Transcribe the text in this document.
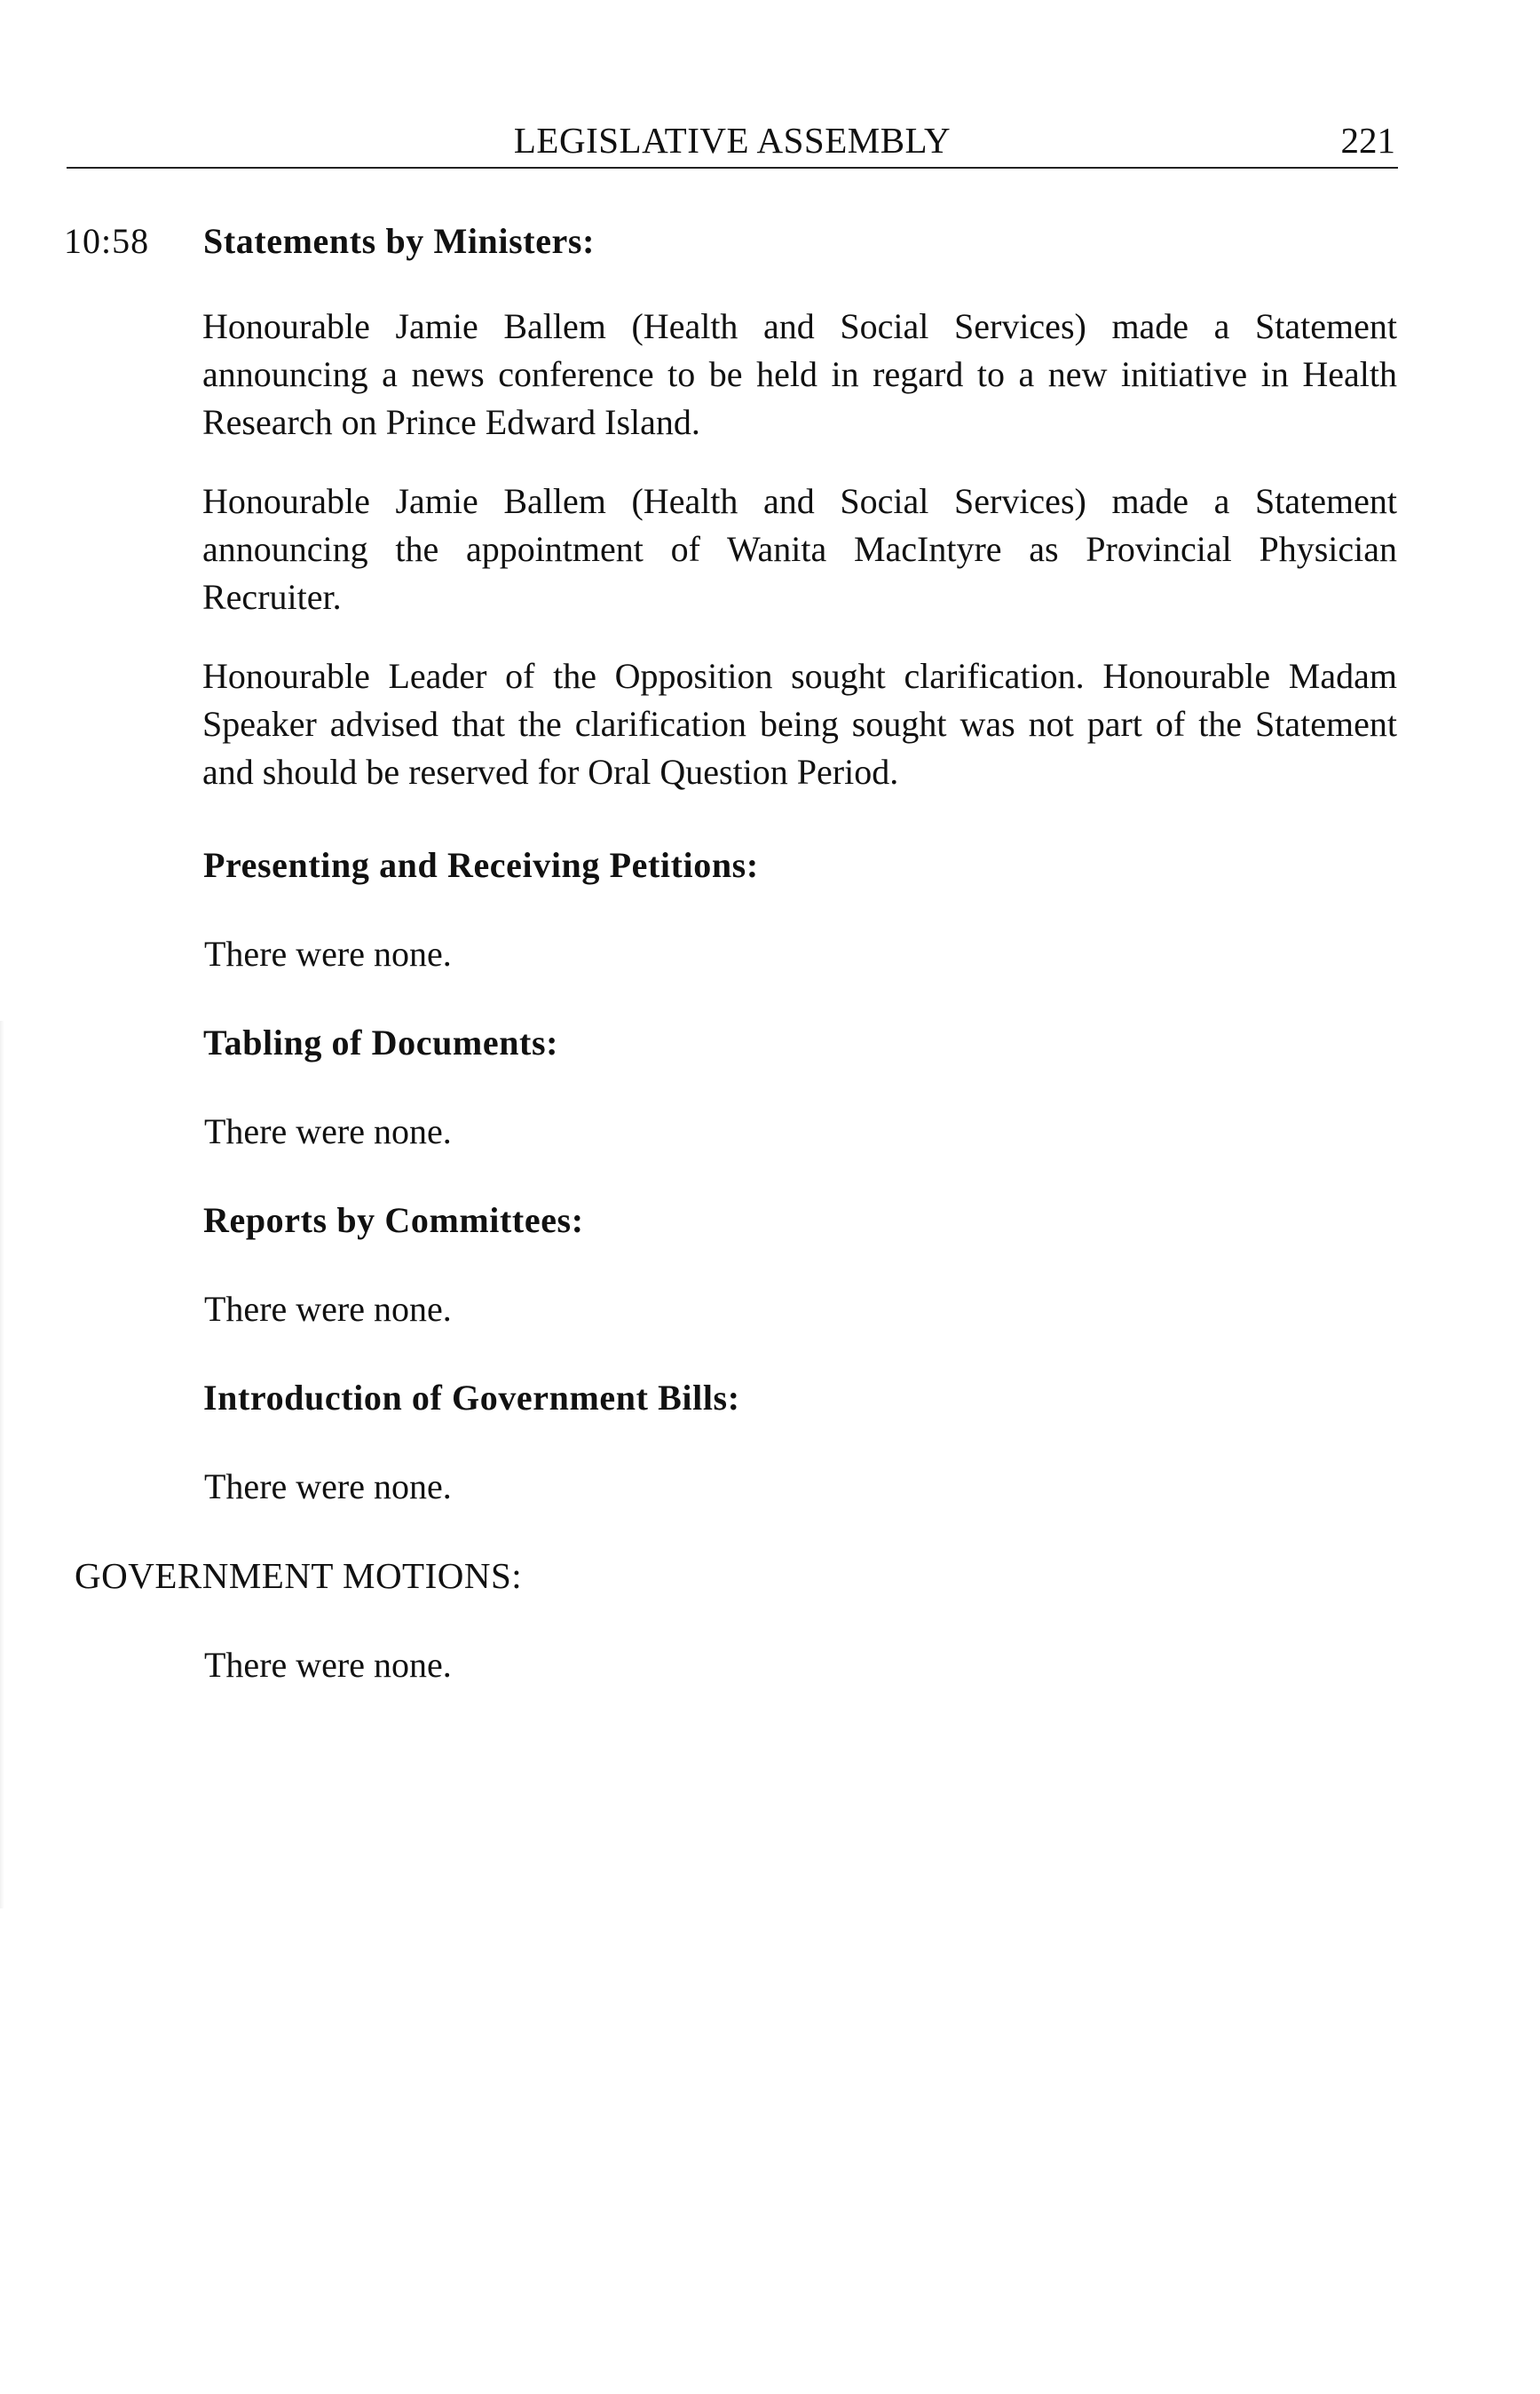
LEGISLATIVE ASSEMBLY	221
10:58 Statements by Ministers:

Honourable Jamie Ballem (Health and Social Services) made a Statement announcing a news conference to be held in regard to a new initiative in Health Research on Prince Edward Island.

Honourable Jamie Ballem (Health and Social Services) made a Statement announcing the appointment of Wanita MacIntyre as Provincial Physician Recruiter.

Honourable Leader of the Opposition sought clarification. Honourable Madam Speaker advised that the clarification being sought was not part of the Statement and should be reserved for Oral Question Period.

Presenting and Receiving Petitions:
There were none.
Tabling of Documents:
There were none.
Reports by Committees:
There were none.
Introduction of Government Bills:
There were none.
GOVERNMENT MOTIONS:
There were none.
